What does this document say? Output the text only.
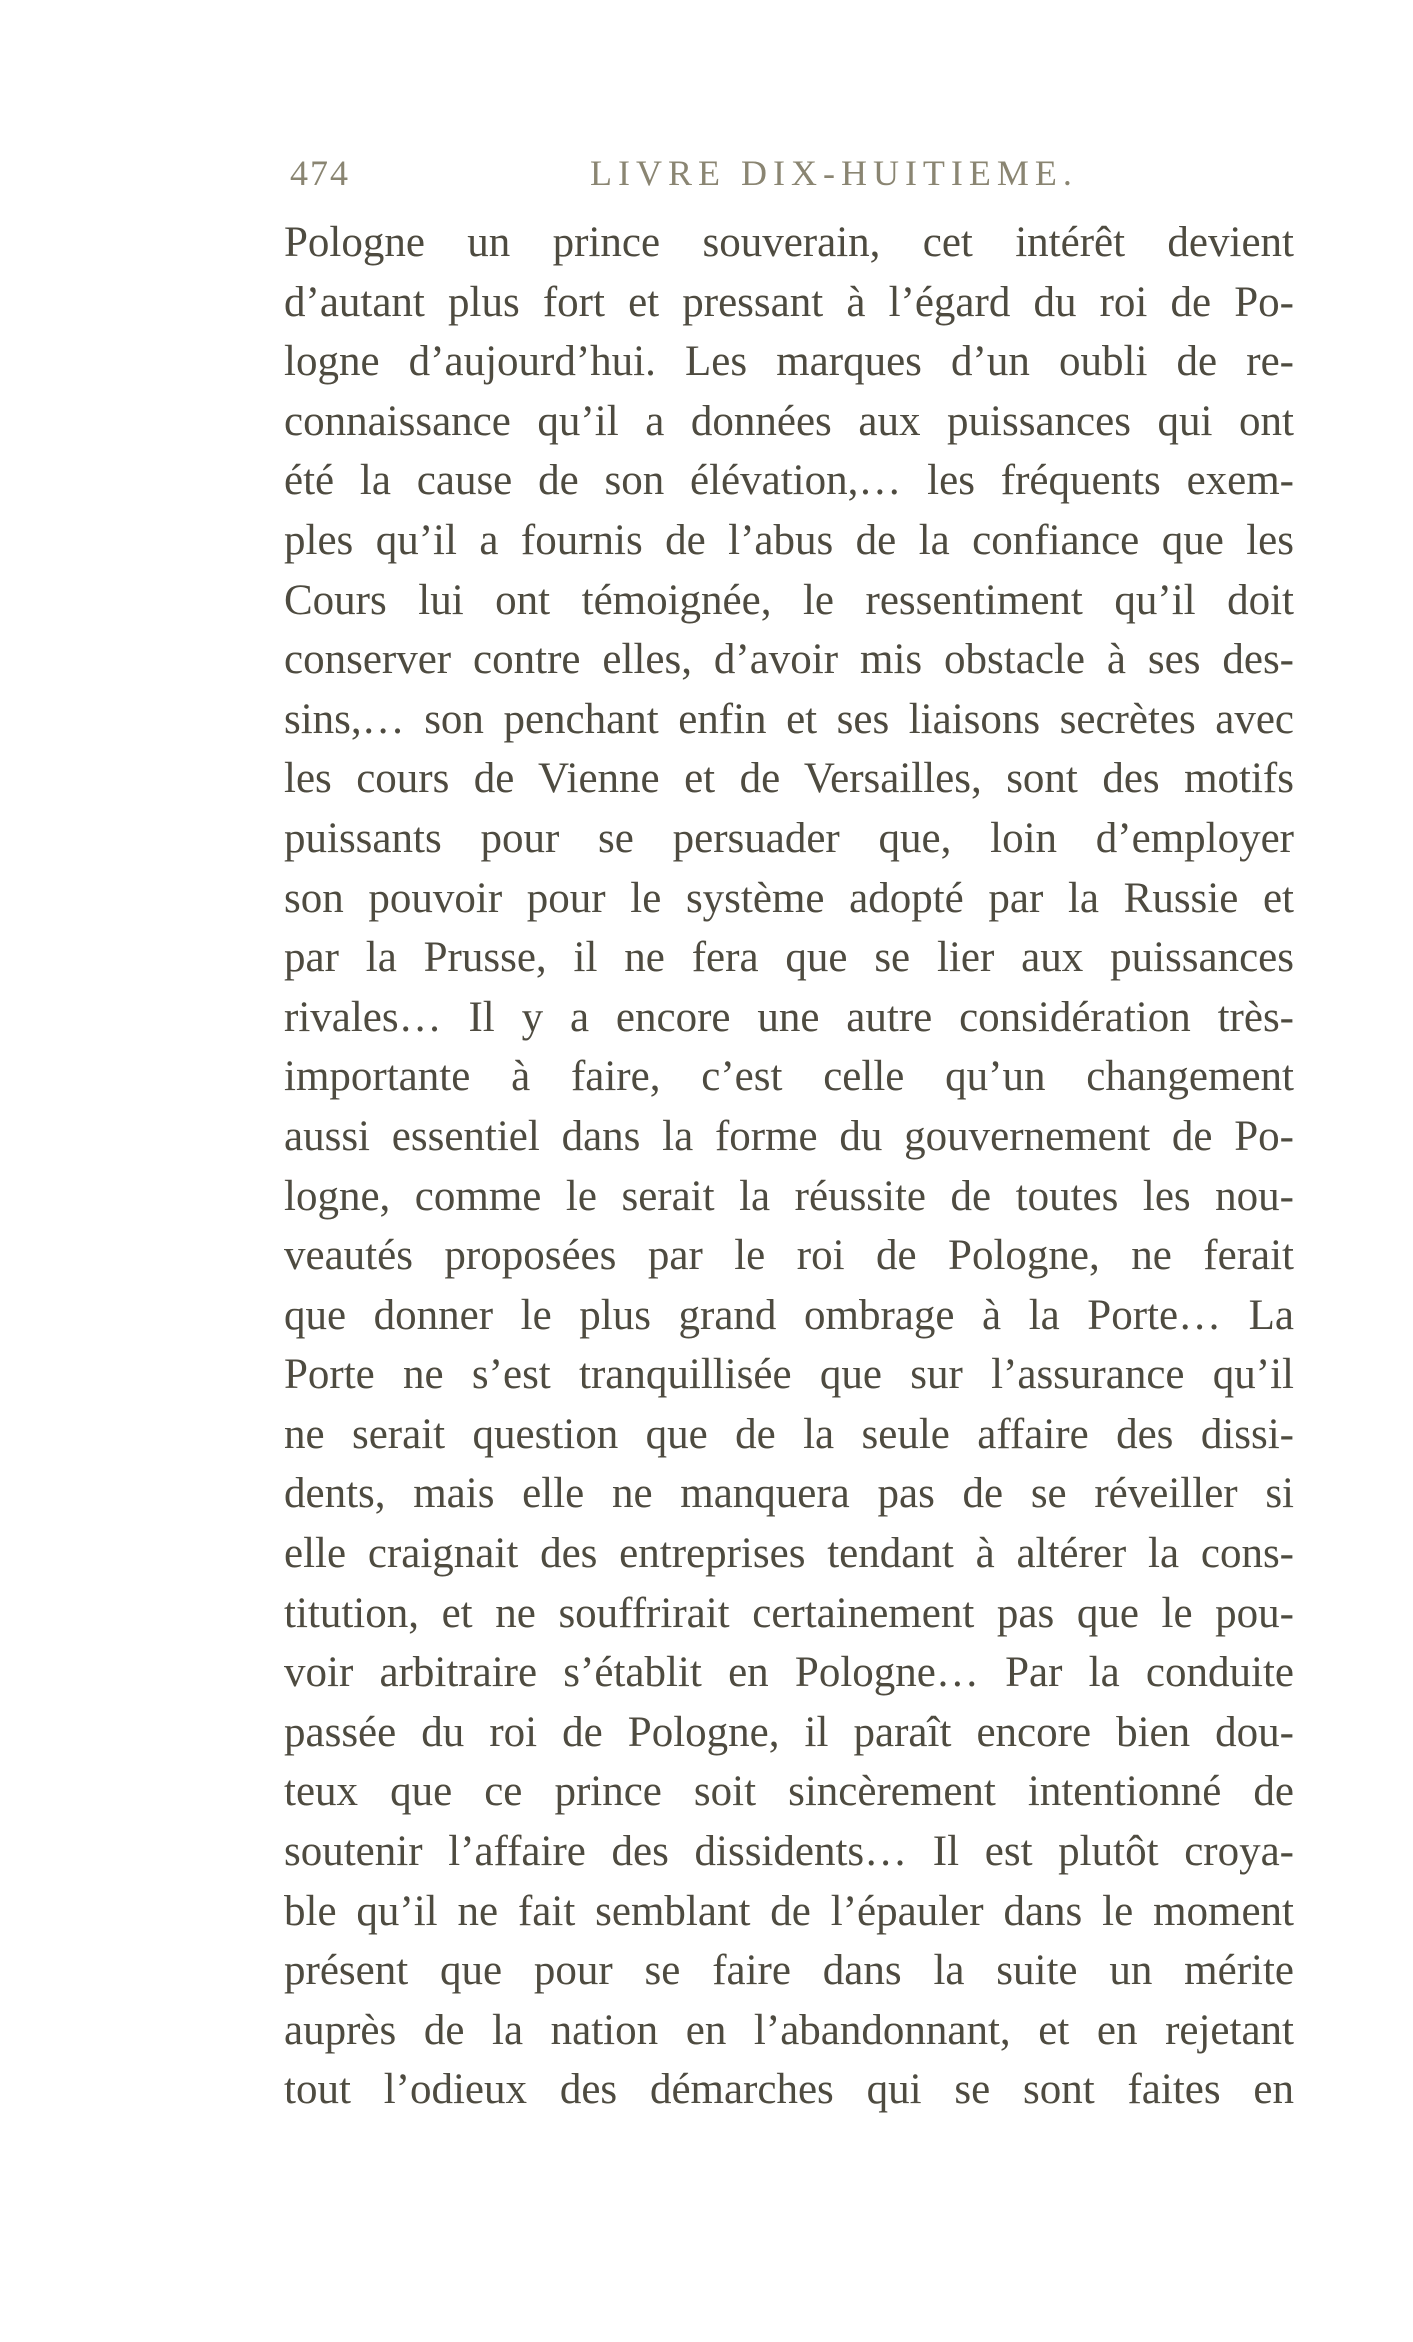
474	LIVRE DIX-HUITIEME.
Pologne un prince souverain, cet intérêt devient
d’autant plus fort et pressant à l’égard du roi de Po-
logne d’aujourd’hui. Les marques d’un oubli de re-
connaissance qu’il a données aux puissances qui ont
été la cause de son élévation,… les fréquents exem-
ples qu’il a fournis de l’abus de la confiance que les
Cours lui ont témoignée, le ressentiment qu’il doit
conserver contre elles, d’avoir mis obstacle à ses des-
sins,… son penchant enfin et ses liaisons secrètes avec
les cours de Vienne et de Versailles, sont des motifs
puissants pour se persuader que, loin d’employer
son pouvoir pour le système adopté par la Russie et
par la Prusse, il ne fera que se lier aux puissances
rivales… Il y a encore une autre considération très-
importante à faire, c’est celle qu’un changement
aussi essentiel dans la forme du gouvernement de Po-
logne, comme le serait la réussite de toutes les nou-
veautés proposées par le roi de Pologne, ne ferait
que donner le plus grand ombrage à la Porte… La
Porte ne s’est tranquillisée que sur l’assurance qu’il
ne serait question que de la seule affaire des dissi-
dents, mais elle ne manquera pas de se réveiller si
elle craignait des entreprises tendant à altérer la cons-
titution, et ne souffrirait certainement pas que le pou-
voir arbitraire s’établit en Pologne… Par la conduite
passée du roi de Pologne, il paraît encore bien dou-
teux que ce prince soit sincèrement intentionné de
soutenir l’affaire des dissidents… Il est plutôt croya-
ble qu’il ne fait semblant de l’épauler dans le moment
présent que pour se faire dans la suite un mérite
auprès de la nation en l’abandonnant, et en rejetant
tout l’odieux des démarches qui se sont faites en
